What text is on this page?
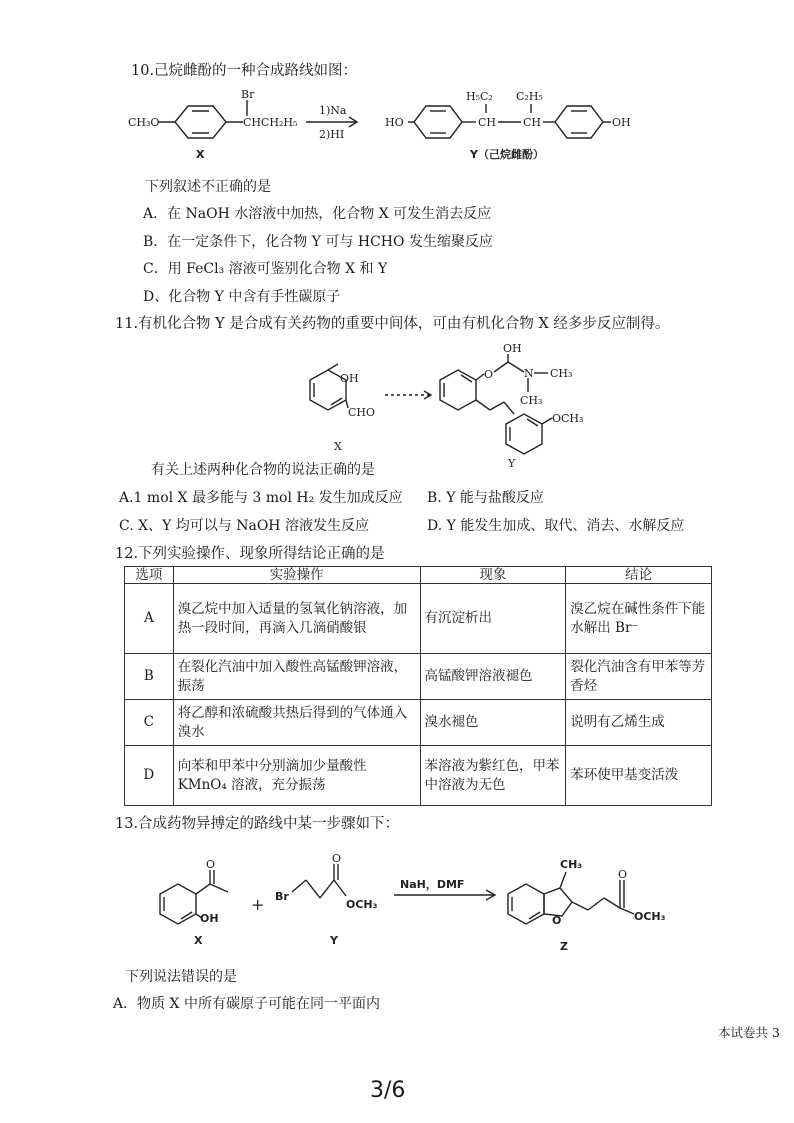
10.己烷雌酚的一种合成路线如图：
CH₃O
Br
CHCH₂H₅
X
1)Na
2)HI
HO	CH
H₅C₂
CH
C₂H₅
OH
Y（己烷雌酚）
下列叙述不正确的是
A．在 NaOH 水溶液中加热，化合物 X 可发生消去反应
B．在一定条件下，化合物 Y 可与 HCHO 发生缩聚反应
C．用 FeCl₃ 溶液可鉴别化合物 X 和 Y
D、化合物 Y 中含有手性碳原子
11.有机化合物 Y 是合成有关药物的重要中间体，可由有机化合物 X 经多步反应制得。
OH
CHO
X
O
OH
N CH₃
CH₃
OCH₃
Y
有关上述两种化合物的说法正确的是
A.1 mol X 最多能与 3 mol H₂ 发生加成反应 B. Y 能与盐酸反应
C. X、Y 均可以与 NaOH 溶液发生反应	D. Y 能发生加成、取代、消去、水解反应
12.下列实验操作、现象所得结论正确的是
选项	实验操作	现象	结论
A	溴乙烷中加入适量的氢氧化钠溶液，加热一段时间，再滴入几滴硝酸银	有沉淀析出	溴乙烷在碱性条件下能水解出 Br⁻
B	在裂化汽油中加入酸性高锰酸钾溶液，振荡	高锰酸钾溶液褪色	裂化汽油含有甲苯等芳香烃
C	将乙醇和浓硫酸共热后得到的气体通入溴水	溴水褪色	说明有乙烯生成
D	向苯和甲苯中分别滴加少量酸性 KMnO₄ 溶液，充分振荡	苯溶液为紫红色，甲苯中溶液为无色	苯环使甲基变活泼
13.合成药物异搏定的路线中某一步骤如下：
O
OH
X
+ Br
O
OCH₃
Y
NaH，DMF
CH₃
O
O
OCH₃
Z
下列说法错误的是
A．物质 X 中所有碳原子可能在同一平面内
本试卷共 3
3/6
